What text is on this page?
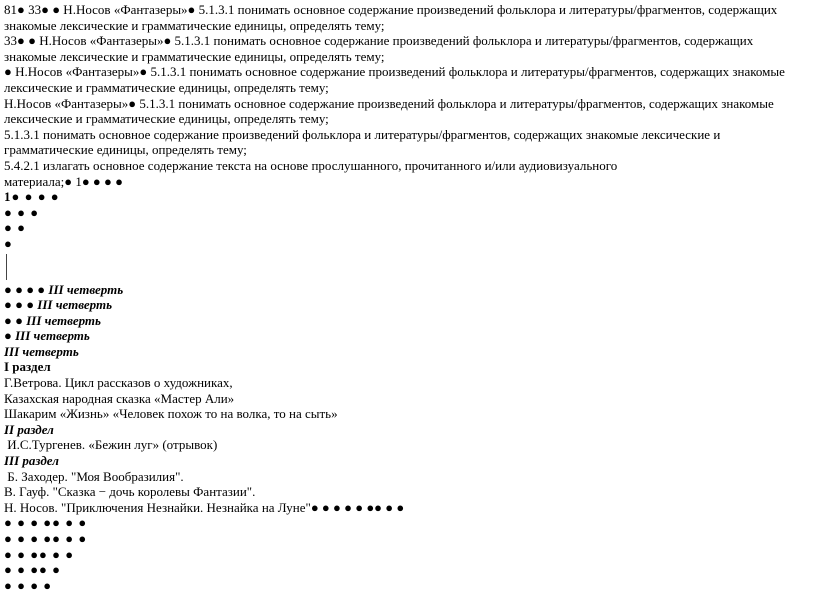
81● 33● ● Н.Носов «Фантазеры»● 5.1.3.1 понимать основное содержание произведений фольклора и литературы/фрагментов, содержащих
знакомые лексические и грамматические единицы, определять тему;
33● ● Н.Носов «Фантазеры»● 5.1.3.1 понимать основное содержание произведений фольклора и литературы/фрагментов, содержащих
знакомые лексические и грамматические единицы, определять тему;
● Н.Носов «Фантазеры»● 5.1.3.1 понимать основное содержание произведений фольклора и литературы/фрагментов, содержащих знакомые
лексические и грамматические единицы, определять тему;
Н.Носов «Фантазеры»● 5.1.3.1 понимать основное содержание произведений фольклора и литературы/фрагментов, содержащих знакомые
лексические и грамматические единицы, определять тему;
5.1.3.1 понимать основное содержание произведений фольклора и литературы/фрагментов, содержащих знакомые лексические и
грамматические единицы, определять тему;
5.4.2.1 излагать основное содержание текста на основе прослушанного, прочитанного и/или аудиовизуального
материала;● 1● ● ● ●
1● ● ● ●
● ● ●
● ●
●
● ● ● ● III четверть
● ● ● III четверть
● ● III четверть
● III четверть
III четверть
I раздел
Г.Ветрова. Цикл рассказов о художниках,
Казахская народная сказка «Мастер Али»
Шакарим «Жизнь» «Человек похож то на волка, то на сыть»
II раздел
И.С.Тургенев. «Бежин луг» (отрывок)
III раздел
Б. Заходер. "Моя Вообразилия".
В. Гауф. "Сказка − дочь королевы Фантазии".
Н. Носов. "Приключения Незнайки. Незнайка на Луне"● ● ● ● ● ●● ● ●
● ● ● ●● ● ●
● ● ● ●● ● ●
● ● ●● ● ●
● ● ●● ●
● ● ● ●
